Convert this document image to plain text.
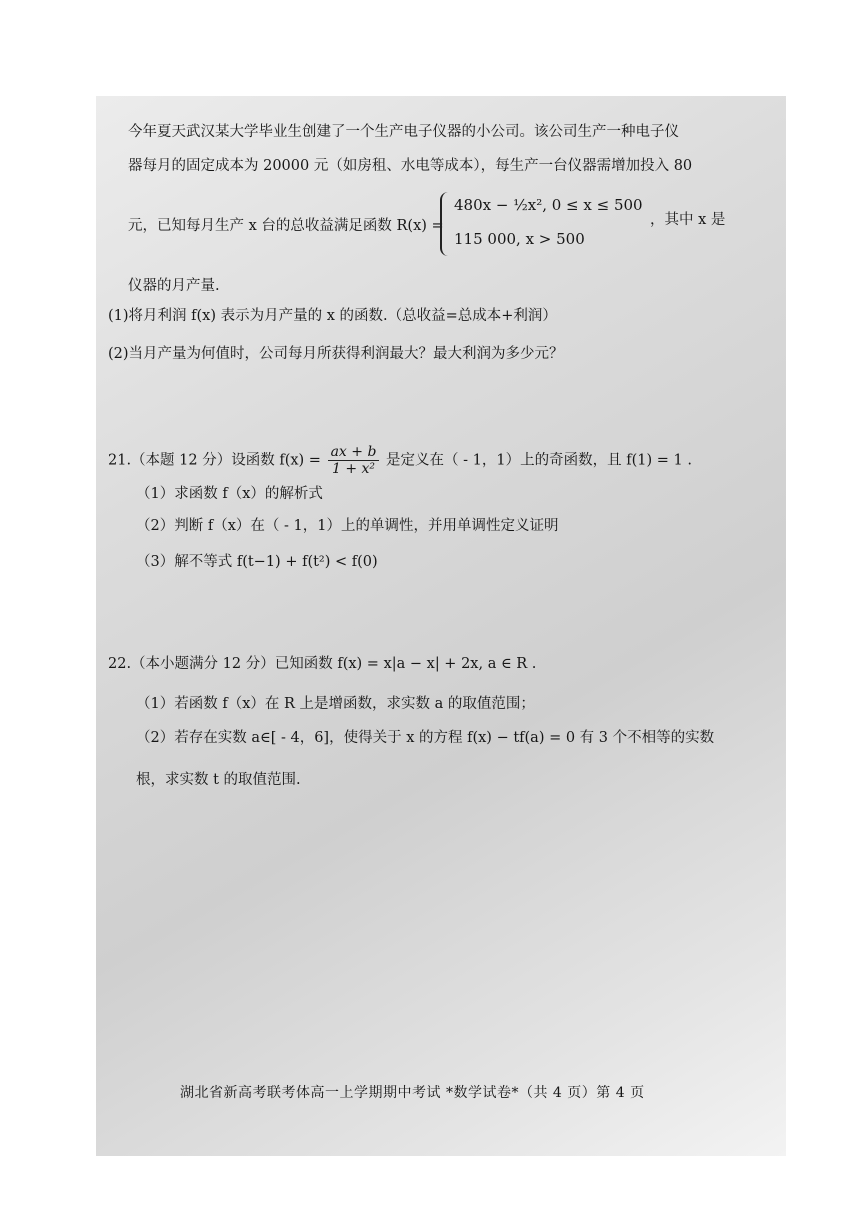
今年夏天武汉某大学毕业生创建了一个生产电子仪器的小公司。该公司生产一种电子仪
器每月的固定成本为 20000 元（如房租、水电等成本），每生产一台仪器需增加投入 80
元，已知每月生产 x 台的总收益满足函数 R(x) =
480x − ½x², 0 ≤ x ≤ 500
115 000, x > 500
，其中 x 是
仪器的月产量.
(1)将月利润 f(x) 表示为月产量的 x 的函数.（总收益=总成本+利润）
(2)当月产量为何值时，公司每月所获得利润最大？最大利润为多少元？
21.（本题 12 分）设函数 $f(x) = \frac{ax + b}{\text{1 + x²}}$ 是定义在（ - 1，1）上的奇函数，且 f(1) = 1 .
（1）求函数 f（x）的解析式
（2）判断 f（x）在（ - 1，1）上的单调性，并用单调性定义证明
（3）解不等式 f(t−1) + f(t²) < f(0)
22.（本小题满分 12 分）已知函数 f(x) = x|a − x| + 2x, a ∈ R .
（1）若函数 f（x）在 R 上是增函数，求实数 a 的取值范围；
（2）若存在实数 a∈[ - 4，6]，使得关于 x 的方程 f(x) − tf(a) = 0 有 3 个不相等的实数
根，求实数 t 的取值范围.
湖北省新高考联考体高一上学期期中考试 *数学试卷*（共 4 页）第 4 页
